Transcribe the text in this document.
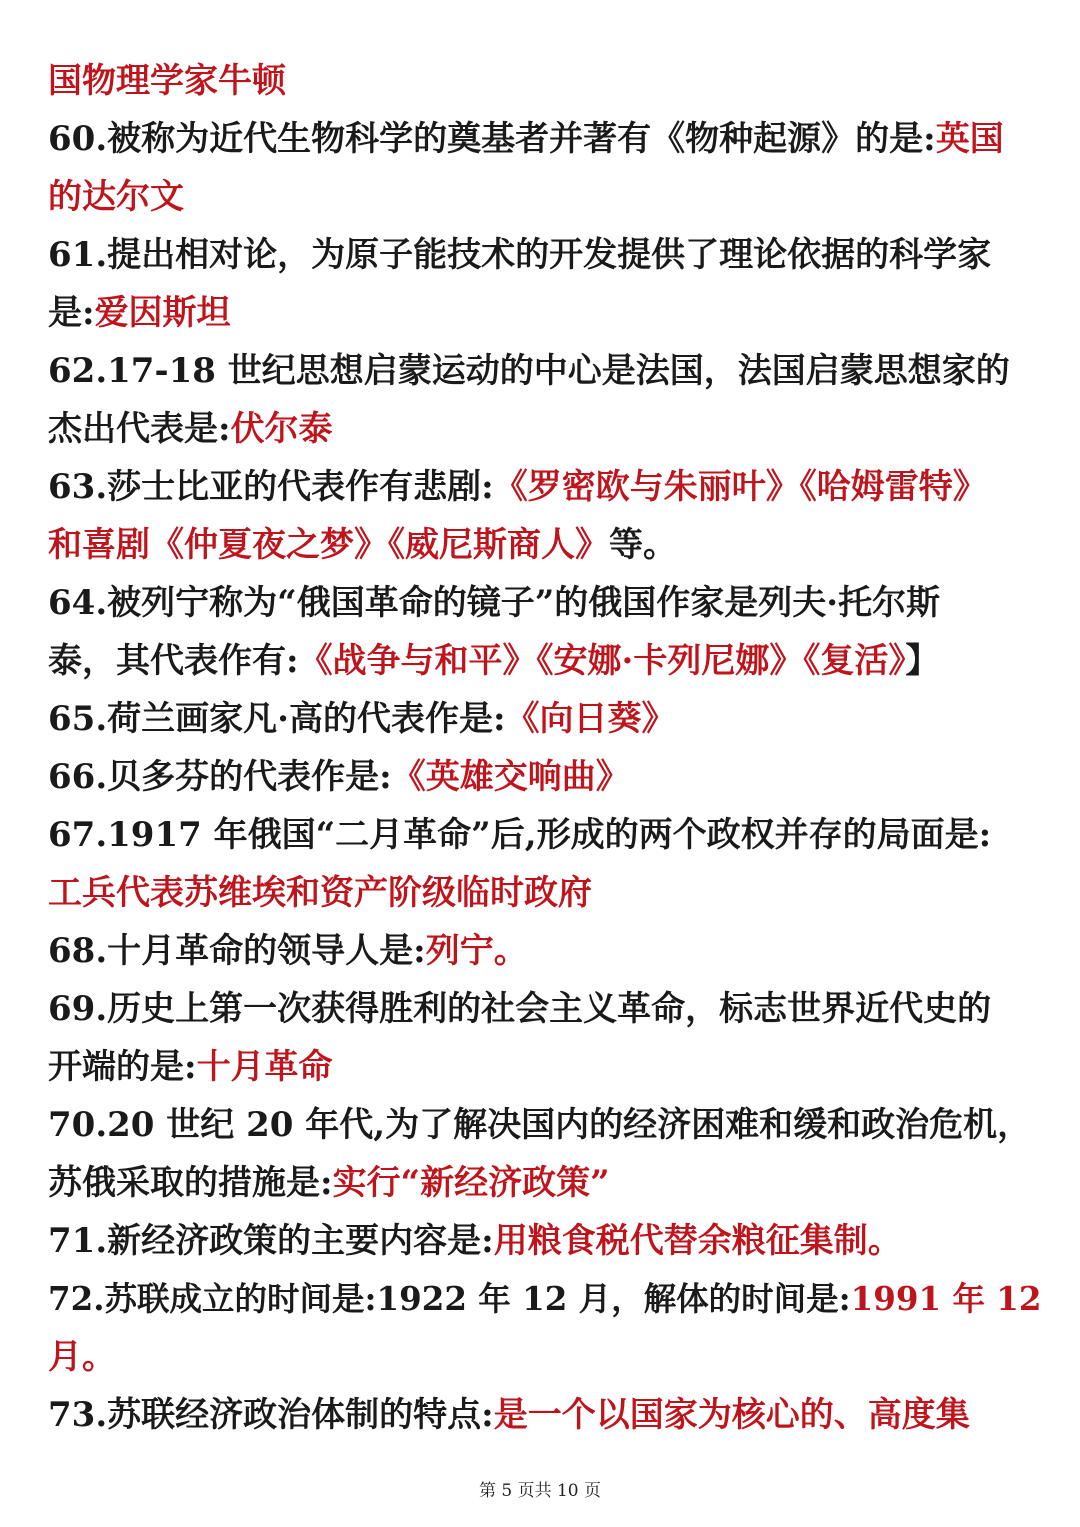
国物理学家牛顿
60.被称为近代生物科学的奠基者并著有《物种起源》的是:英国
的达尔文
61.提出相对论，为原子能技术的开发提供了理论依据的科学家
是:爱因斯坦
62.17-18 世纪思想启蒙运动的中心是法国，法国启蒙思想家的
杰出代表是:伏尔泰
63.莎士比亚的代表作有悲剧:《罗密欧与朱丽叶》《哈姆雷特》
和喜剧《仲夏夜之梦》《威尼斯商人》等。
64.被列宁称为“俄国革命的镜子”的俄国作家是列夫·托尔斯
泰，其代表作有:《战争与和平》《安娜·卡列尼娜》《复活》】
65.荷兰画家凡·高的代表作是:《向日葵》
66.贝多芬的代表作是:《英雄交响曲》
67.1917 年俄国“二月革命”后,形成的两个政权并存的局面是:
工兵代表苏维埃和资产阶级临时政府
68.十月革命的领导人是:列宁。
69.历史上第一次获得胜利的社会主义革命，标志世界近代史的
开端的是:十月革命
70.20 世纪 20 年代,为了解决国内的经济困难和缓和政治危机，
苏俄采取的措施是:实行“新经济政策”
71.新经济政策的主要内容是:用粮食税代替余粮征集制。
72.苏联成立的时间是:1922 年 12 月，解体的时间是:1991 年 12
月。
73.苏联经济政治体制的特点:是一个以国家为核心的、高度集
第 5 页共 10 页
